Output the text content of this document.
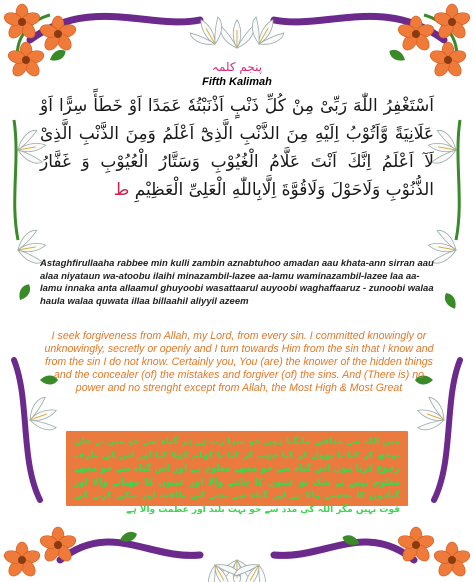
پنجم کلمہ
Fifth Kalimah
اَسْتَغْفِرُ اللّٰهَ رَبِّىْ مِنْ كُلِّ ذَنْبٍ اَذْنَبْتُهٗ عَمَدًا اَوْ خَطَأً سِرًّا اَوْ عَلَانِيَةً وَّاَتُوْبُ اِلَيْهِ مِنَ الذَّنْبِ الَّذِىْٓ اَعْلَمُ وَمِنَ الذَّنْبِ الَّذِىْ لَآ اَعْلَمُ اِنَّكَ اَنْتَ عَلَّامُ الْغُيُوْبِ وَسَتَّارُ الْعُيُوْبِ وَ غَفَّارُ الذُّنُوْبِ وَلَاحَوْلَ وَلَاقُوَّةَ اِلَّابِاللّٰهِ الْعَلِىِّ الْعَظِيْمِ ط
Astaghfirullaaha rabbee min kulli zambin aznabtuhoo amadan aau khata-ann sirran aau alaa niyataun wa-atoobu ilaihi minazambil-lazee aa-lamu waminazambil-lazee laa aa-lamu innaka anta allaamul ghuyoobi wasattaarul auyoobi waghaffaaruz - zunoobi walaa haula walaa quwata illaa billaahil aliyyil azeem
I seek forgiveness from Allah, my Lord, from every sin. I committed knowingly or unknowingly, secretly or openly and I turn towards Him from the sin that I know and from the sin I do not know. Certainly you, You (are) the knower of the hidden things and the concealer (of) the mistakes and forgiver (of) the sins. And (There is) no power and no strenght except from Allah, the Most High & Most Great
میں اللہ سے معافی مانگتا ہوں جو میرا رب ہے ہر گناہ سے جو میں نے جان بوجھ کر کیا یا بھول کر کیا چھپ کر کیا یا کھلم کھلا کیا اور اس کی طرف رجوع کرتا ہوں اس گناہ سے جو مجھے معلوم ہے اور اس گناہ سے جو مجھے معلوم نہیں بے شک تو غیبوں کا جاننے والا اور عیبوں کا چھپانے والا اور گناہوں کا بخشنے والا ہے اور گناہ سے بچنے کی طاقت اور نیکی کرنے کی قوت نہیں مگر اللہ کی مدد سے جو بہت بلند اور عظمت والا ہے
